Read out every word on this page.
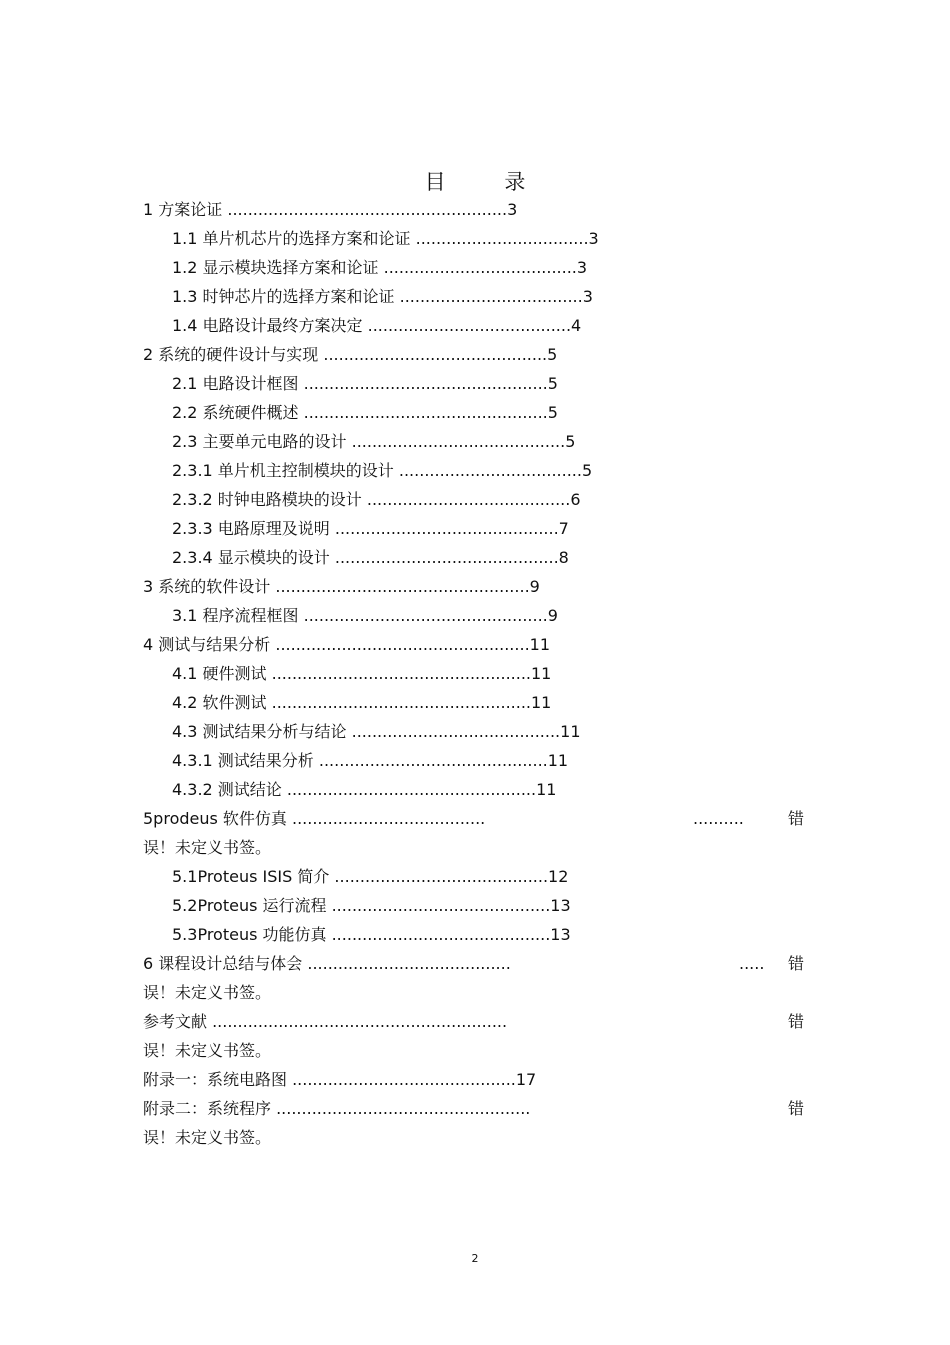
目 录
1 方案论证 .......................................................3
1.1 单片机芯片的选择方案和论证 ..................................3
1.2 显示模块选择方案和论证 ......................................3
1.3 时钟芯片的选择方案和论证 ....................................3
1.4 电路设计最终方案决定 ........................................4
2 系统的硬件设计与实现 ............................................5
2.1 电路设计框图 ................................................5
2.2 系统硬件概述 ................................................5
2.3 主要单元电路的设计 ..........................................5
2.3.1 单片机主控制模块的设计 ....................................5
2.3.2 时钟电路模块的设计 ........................................6
2.3.3 电路原理及说明 ............................................7
2.3.4 显示模块的设计 ............................................8
3 系统的软件设计 ..................................................9
3.1 程序流程框图 ................................................9
4 测试与结果分析 ..................................................11
4.1 硬件测试 ...................................................11
4.2 软件测试 ...................................................11
4.3 测试结果分析与结论 .........................................11
4.3.1 测试结果分析 .............................................11
4.3.2 测试结论 .................................................11
5prodeus 软件仿真 ......................................	..........	错
误！未定义书签。
5.1Proteus ISIS 简介 ..........................................12
5.2Proteus 运行流程 ...........................................13
5.3Proteus 功能仿真 ...........................................13
6 课程设计总结与体会 ........................................	..... 错
误！未定义书签。
参考文献 ..........................................................	错
误！未定义书签。
附录一：系统电路图 ............................................17
附录二：系统程序 ..................................................	错
误！未定义书签。
2
